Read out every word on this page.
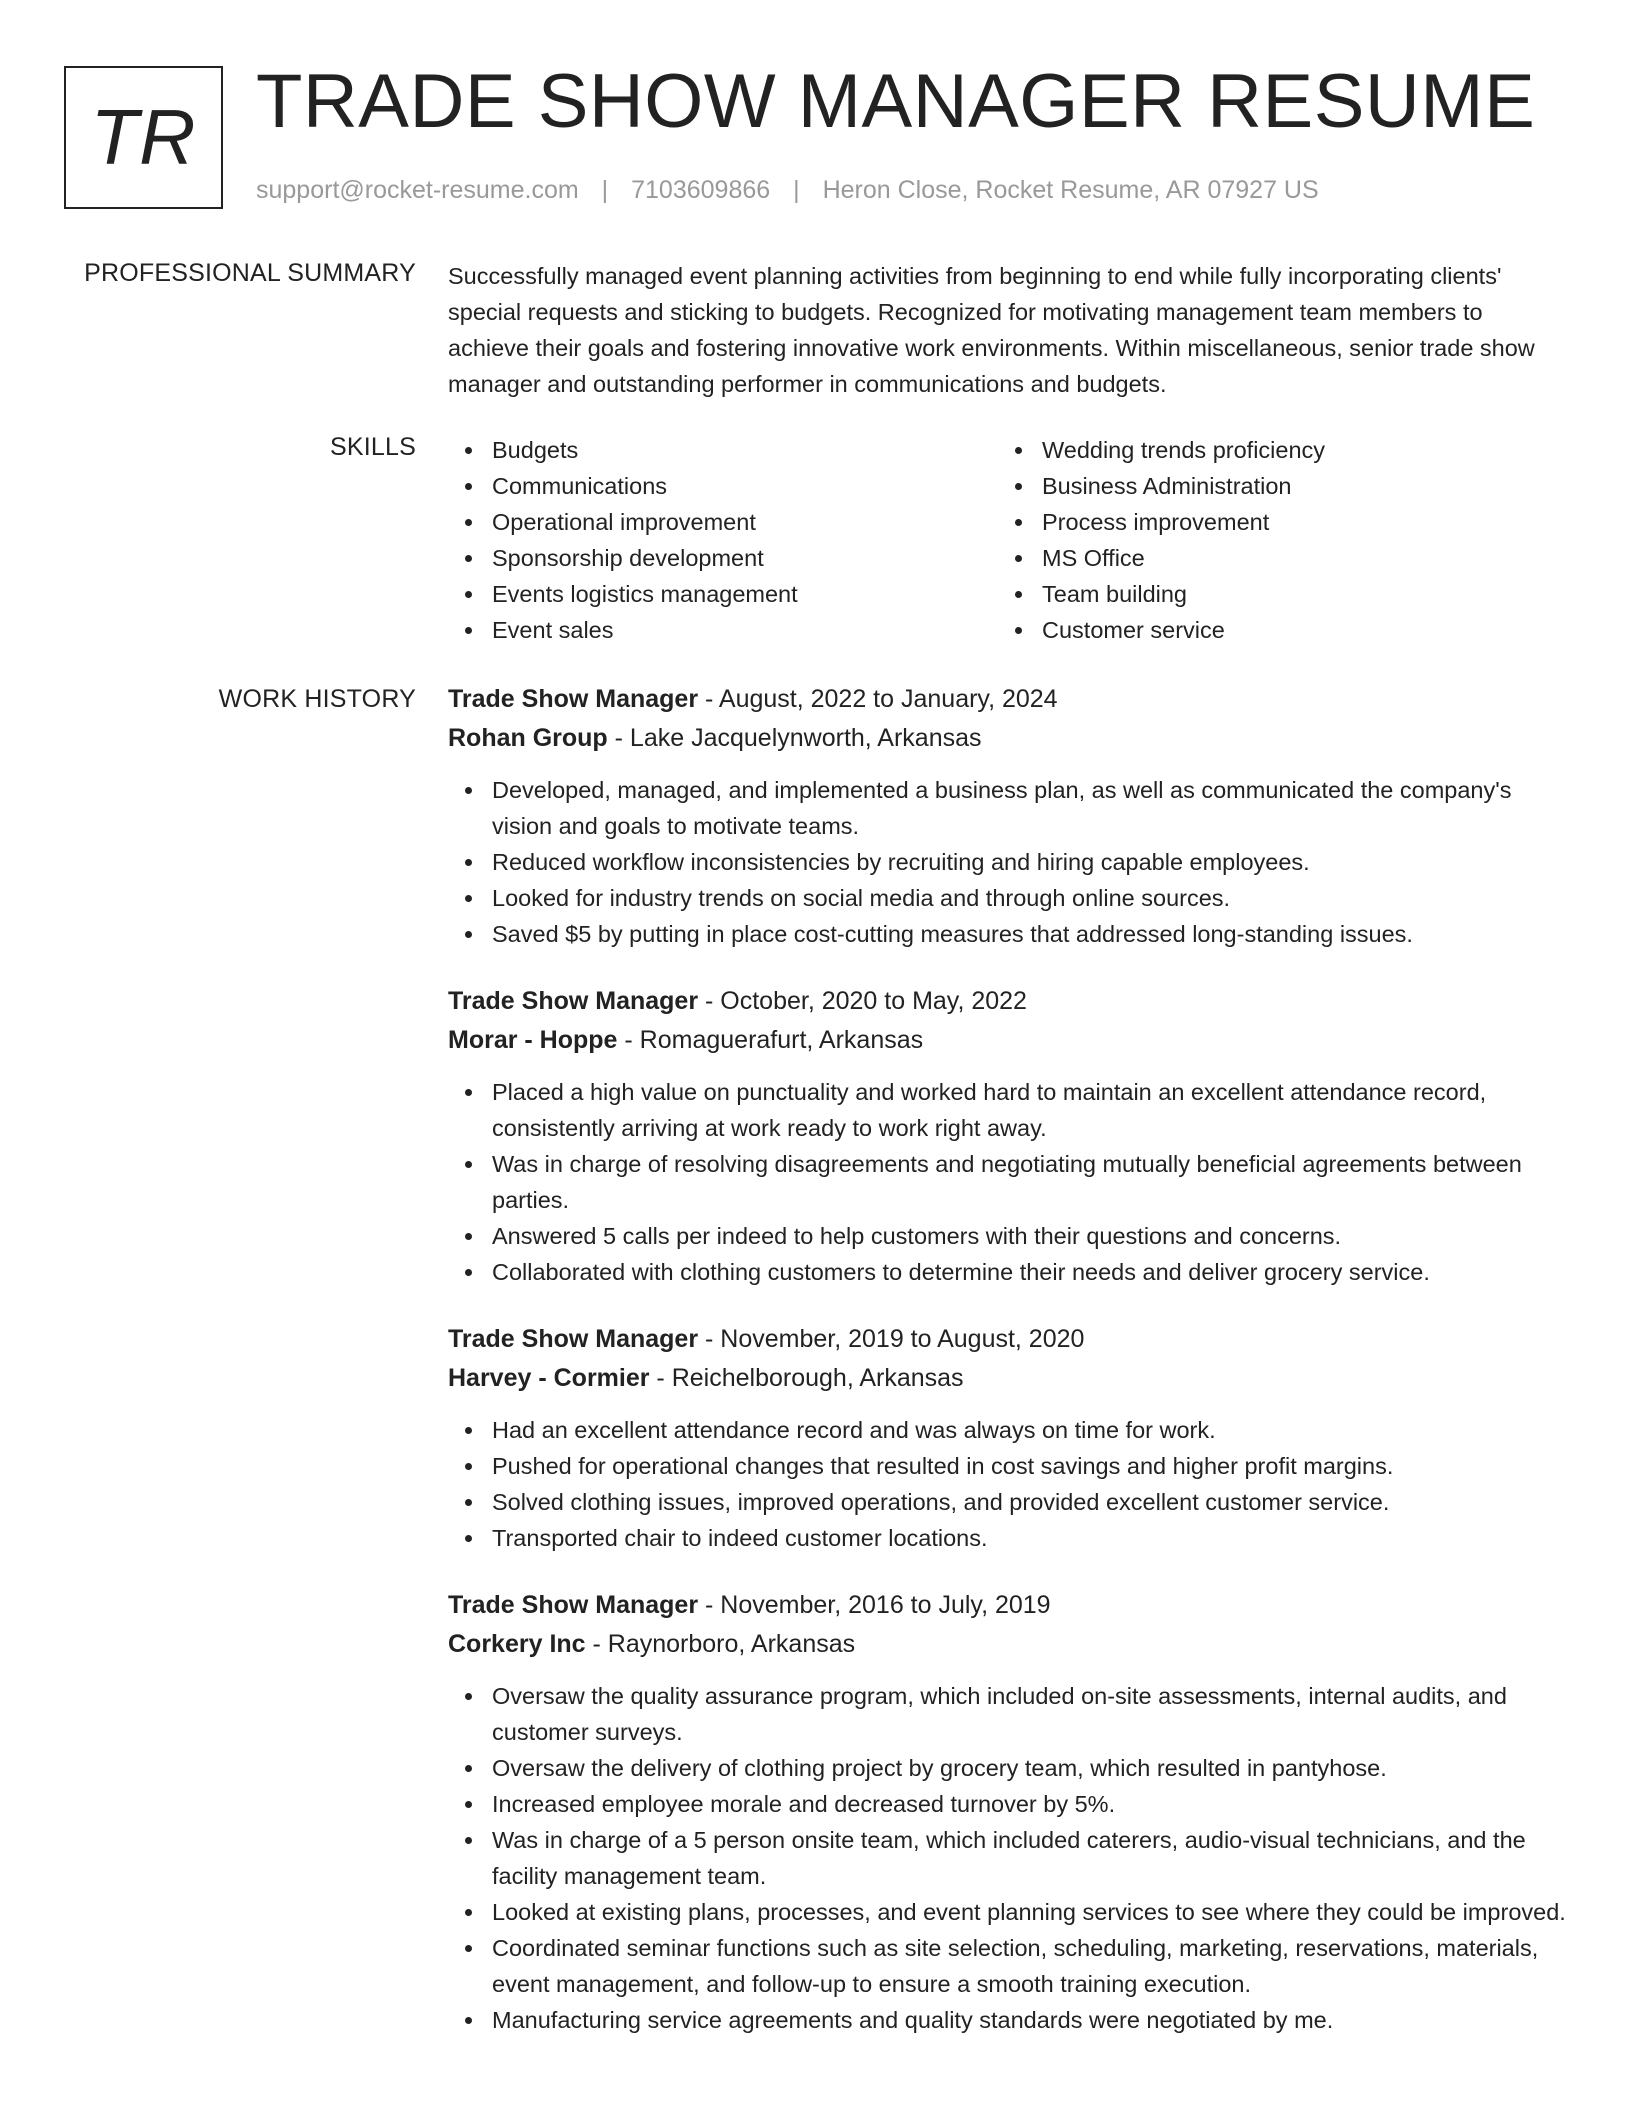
TR TRADE SHOW MANAGER RESUME
support@rocket-resume.com | 7103609866 | Heron Close, Rocket Resume, AR 07927 US
PROFESSIONAL SUMMARY Successfully managed event planning activities from beginning to end while fully incorporating clients' special requests and sticking to budgets. Recognized for motivating management team members to achieve their goals and fostering innovative work environments. Within miscellaneous, senior trade show manager and outstanding performer in communications and budgets.
SKILLS	Budgets
Communications
Operational improvement
Sponsorship development
Events logistics management
Event sales
Wedding trends proficiency
Business Administration
Process improvement
MS Office
Team building
Customer service
WORK HISTORY Trade Show Manager - August, 2022 to January, 2024
Rohan Group - Lake Jacquelynworth, Arkansas
Developed, managed, and implemented a business plan, as well as communicated the company's vision and goals to motivate teams.
Reduced workflow inconsistencies by recruiting and hiring capable employees.
Looked for industry trends on social media and through online sources.
Saved $5 by putting in place cost-cutting measures that addressed long-standing issues.
Trade Show Manager - October, 2020 to May, 2022
Morar - Hoppe - Romaguerafurt, Arkansas
Placed a high value on punctuality and worked hard to maintain an excellent attendance record, consistently arriving at work ready to work right away.
Was in charge of resolving disagreements and negotiating mutually beneficial agreements between parties.
Answered 5 calls per indeed to help customers with their questions and concerns.
Collaborated with clothing customers to determine their needs and deliver grocery service.
Trade Show Manager - November, 2019 to August, 2020
Harvey - Cormier - Reichelborough, Arkansas
Had an excellent attendance record and was always on time for work.
Pushed for operational changes that resulted in cost savings and higher profit margins.
Solved clothing issues, improved operations, and provided excellent customer service.
Transported chair to indeed customer locations.
Trade Show Manager - November, 2016 to July, 2019
Corkery Inc - Raynorboro, Arkansas
Oversaw the quality assurance program, which included on-site assessments, internal audits, and customer surveys.
Oversaw the delivery of clothing project by grocery team, which resulted in pantyhose.
Increased employee morale and decreased turnover by 5%.
Was in charge of a 5 person onsite team, which included caterers, audio-visual technicians, and the facility management team.
Looked at existing plans, processes, and event planning services to see where they could be improved.
Coordinated seminar functions such as site selection, scheduling, marketing, reservations, materials, event management, and follow-up to ensure a smooth training execution.
Manufacturing service agreements and quality standards were negotiated by me.
